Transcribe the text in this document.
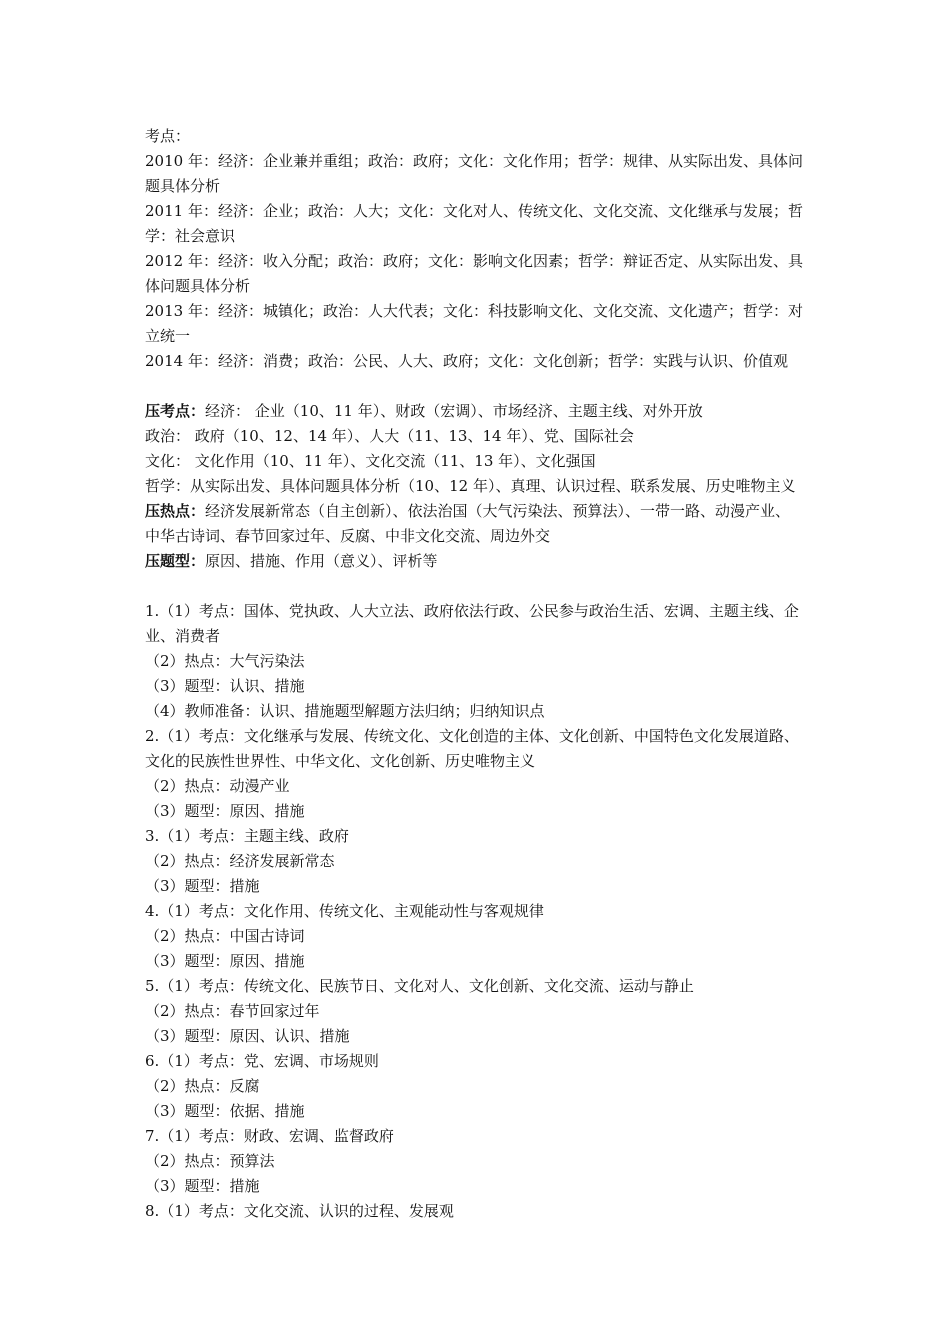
考点：
2010 年：经济：企业兼并重组；政治：政府；文化：文化作用；哲学：规律、从实际出发、具体问
题具体分析
2011 年：经济：企业；政治：人大；文化：文化对人、传统文化、文化交流、文化继承与发展；哲
学：社会意识
2012 年：经济：收入分配；政治：政府；文化：影响文化因素；哲学：辩证否定、从实际出发、具
体问题具体分析
2013 年：经济：城镇化；政治：人大代表；文化：科技影响文化、文化交流、文化遗产；哲学：对
立统一
2014 年：经济：消费；政治：公民、人大、政府；文化：文化创新；哲学：实践与认识、价值观
压考点：经济： 企业（10、11 年）、财政（宏调）、市场经济、主题主线、对外开放
政治： 政府（10、12、14 年）、人大（11、13、14 年）、党、国际社会
文化： 文化作用（10、11 年）、文化交流（11、13 年）、文化强国
哲学：从实际出发、具体问题具体分析（10、12 年）、真理、认识过程、联系发展、历史唯物主义
压热点：经济发展新常态（自主创新）、依法治国（大气污染法、预算法）、一带一路、动漫产业、
中华古诗词、春节回家过年、反腐、中非文化交流、周边外交
压题型：原因、措施、作用（意义）、评析等
1.（1）考点：国体、党执政、人大立法、政府依法行政、公民参与政治生活、宏调、主题主线、企
业、消费者
（2）热点：大气污染法
（3）题型：认识、措施
（4）教师准备：认识、措施题型解题方法归纳；归纳知识点
2.（1）考点：文化继承与发展、传统文化、文化创造的主体、文化创新、中国特色文化发展道路、
文化的民族性世界性、中华文化、文化创新、历史唯物主义
（2）热点：动漫产业
（3）题型：原因、措施
3.（1）考点：主题主线、政府
（2）热点：经济发展新常态
（3）题型：措施
4.（1）考点：文化作用、传统文化、主观能动性与客观规律
（2）热点：中国古诗词
（3）题型：原因、措施
5.（1）考点：传统文化、民族节日、文化对人、文化创新、文化交流、运动与静止
（2）热点：春节回家过年
（3）题型：原因、认识、措施
6.（1）考点：党、宏调、市场规则
（2）热点：反腐
（3）题型：依据、措施
7.（1）考点：财政、宏调、监督政府
（2）热点：预算法
（3）题型：措施
8.（1）考点：文化交流、认识的过程、发展观
